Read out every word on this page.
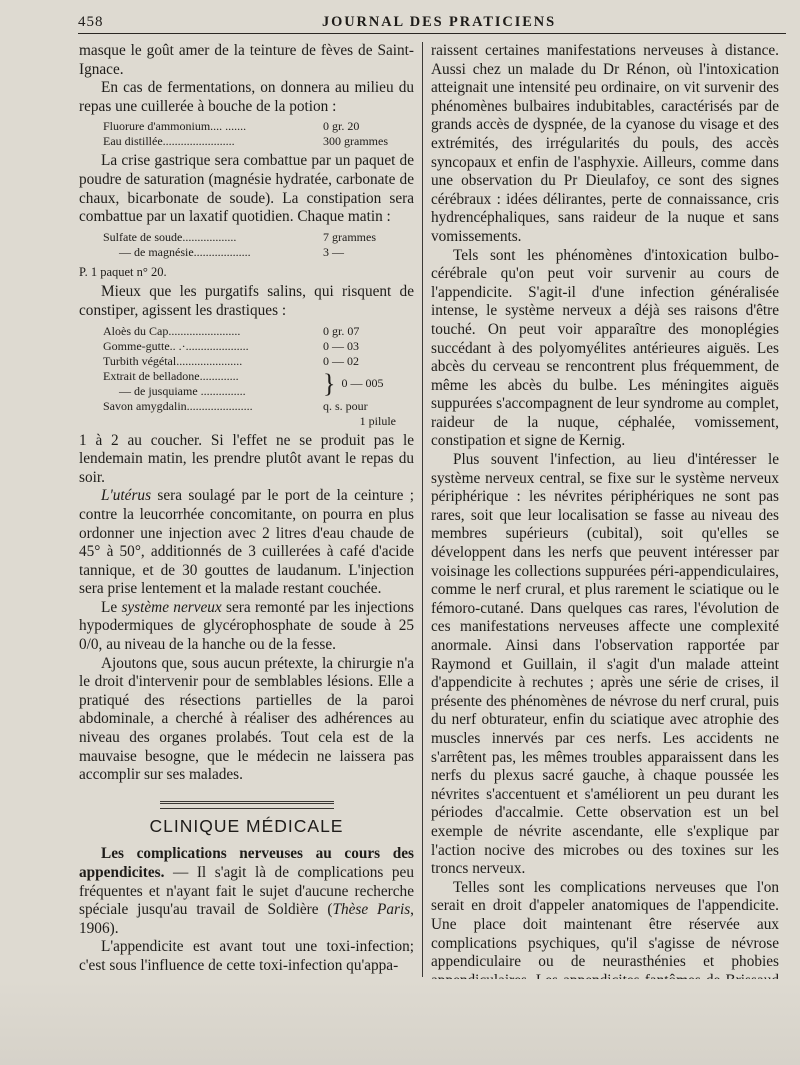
458	JOURNAL DES PRATICIENS

masque le goût amer de la teinture de fèves de Saint-Ignace.

En cas de fermentations, on donnera au milieu du repas une cuillerée à bouche de la potion :

Fluorure d'ammonium.... .......	0 gr. 20
Eau distillée........................	300 grammes

La crise gastrique sera combattue par un paquet de poudre de saturation (magnésie hydratée, carbonate de chaux, bicarbonate de soude). La constipation sera combattue par un laxatif quotidien. Chaque matin :

Sulfate de soude..................	7 grammes
— de magnésie...................	3 —

P. 1 paquet n° 20.

Mieux que les purgatifs salins, qui risquent de constiper, agissent les drastiques :

Aloès du Cap........................	0 gr. 07
Gomme-gutte.. .·.....................	0 — 03
Turbith végétal......................	0 — 02
Extrait de belladone.............
— de jusquiame ...............	} 0 — 005
Savon amygdalin......................	q. s. pour
1 pilule

1 à 2 au coucher. Si l'effet ne se produit pas le lendemain matin, les prendre plutôt avant le repas du soir.

L'utérus sera soulagé par le port de la ceinture ; contre la leucorrhée concomitante, on pourra en plus ordonner une injection avec 2 litres d'eau chaude de 45° à 50°, additionnés de 3 cuillerées à café d'acide tannique, et de 30 gouttes de laudanum. L'injection sera prise lentement et la malade restant couchée.

Le système nerveux sera remonté par les injections hypodermiques de glycérophosphate de soude à 25 0/0, au niveau de la hanche ou de la fesse.

Ajoutons que, sous aucun prétexte, la chirurgie n'a le droit d'intervenir pour de semblables lésions. Elle a pratiqué des résections partielles de la paroi abdominale, a cherché à réaliser des adhérences au niveau des organes prolabés. Tout cela est de la mauvaise besogne, que le médecin ne laissera pas accomplir sur ses malades.

CLINIQUE MÉDICALE

Les complications nerveuses au cours des appendicites. — Il s'agit là de complications peu fréquentes et n'ayant fait le sujet d'aucune recherche spéciale jusqu'au travail de Soldière (Thèse Paris, 1906).

L'appendicite est avant tout une toxi-infection; c'est sous l'influence de cette toxi-infection qu'appa-

raissent certaines manifestations nerveuses à distance. Aussi chez un malade du Dr Rénon, où l'intoxication atteignait une intensité peu ordinaire, on vit survenir des phénomènes bulbaires indubitables, caractérisés par de grands accès de dyspnée, de la cyanose du visage et des extrémités, des irrégularités du pouls, des accès syncopaux et enfin de l'asphyxie. Ailleurs, comme dans une observation du Pr Dieulafoy, ce sont des signes cérébraux : idées délirantes, perte de connaissance, cris hydrencéphaliques, sans raideur de la nuque et sans vomissements.

Tels sont les phénomènes d'intoxication bulbo-cérébrale qu'on peut voir survenir au cours de l'appendicite. S'agit-il d'une infection généralisée intense, le système nerveux a déjà ses raisons d'être touché. On peut voir apparaître des monoplégies succédant à des polyomyélites antérieures aiguës. Les abcès du cerveau se rencontrent plus fréquemment, de même les abcès du bulbe. Les méningites aiguës suppurées s'accompagnent de leur syndrome au complet, raideur de la nuque, céphalée, vomissement, constipation et signe de Kernig.

Plus souvent l'infection, au lieu d'intéresser le système nerveux central, se fixe sur le système nerveux périphérique : les névrites périphériques ne sont pas rares, soit que leur localisation se fasse au niveau des membres supérieurs (cubital), soit qu'elles se développent dans les nerfs que peuvent intéresser par voisinage les collections suppurées péri-appendiculaires, comme le nerf crural, et plus rarement le sciatique ou le fémoro-cutané. Dans quelques cas rares, l'évolution de ces manifestations nerveuses affecte une complexité anormale. Ainsi dans l'observation rapportée par Raymond et Guillain, il s'agit d'un malade atteint d'appendicite à rechutes ; après une série de crises, il présente des phénomènes de névrose du nerf crural, puis du nerf obturateur, enfin du sciatique avec atrophie des muscles innervés par ces nerfs. Les accidents ne s'arrêtent pas, les mêmes troubles apparaissent dans les nerfs du plexus sacré gauche, à chaque poussée les névrites s'accentuent et s'améliorent un peu durant les périodes d'accalmie. Cette observation est un bel exemple de névrite ascendante, elle s'explique par l'action nocive des microbes ou des toxines sur les troncs nerveux.

Telles sont les complications nerveuses que l'on serait en droit d'appeler anatomiques de l'appendicite. Une place doit maintenant être réservée aux complications psychiques, qu'il s'agisse de névrose appendiculaire ou de neurasthénies et phobies
